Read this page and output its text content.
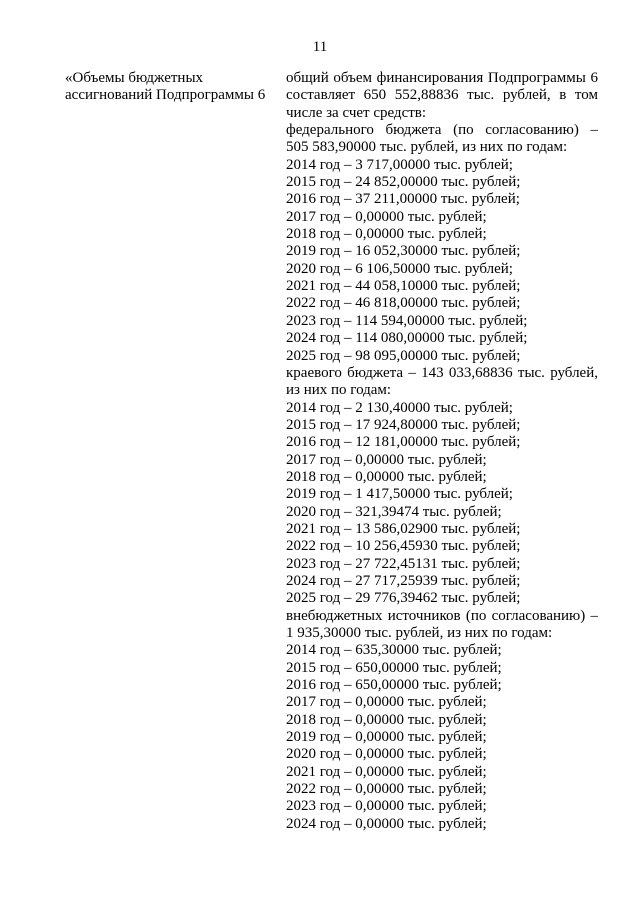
11
«Объемы бюджетных
ассигнований Подпрограммы 6
общий объем финансирования Подпрограммы 6
составляет 650 552,88836 тыс. рублей, в том
числе за счет средств:
федерального бюджета (по согласованию) –
505 583,90000 тыс. рублей, из них по годам:
2014 год – 3 717,00000 тыс. рублей;
2015 год – 24 852,00000 тыс. рублей;
2016 год – 37 211,00000 тыс. рублей;
2017 год – 0,00000 тыс. рублей;
2018 год – 0,00000 тыс. рублей;
2019 год – 16 052,30000 тыс. рублей;
2020 год – 6 106,50000 тыс. рублей;
2021 год – 44 058,10000 тыс. рублей;
2022 год – 46 818,00000 тыс. рублей;
2023 год – 114 594,00000 тыс. рублей;
2024 год – 114 080,00000 тыс. рублей;
2025 год – 98 095,00000 тыс. рублей;
краевого бюджета – 143 033,68836 тыс. рублей,
из них по годам:
2014 год – 2 130,40000 тыс. рублей;
2015 год – 17 924,80000 тыс. рублей;
2016 год – 12 181,00000 тыс. рублей;
2017 год – 0,00000 тыс. рублей;
2018 год – 0,00000 тыс. рублей;
2019 год – 1 417,50000 тыс. рублей;
2020 год – 321,39474 тыс. рублей;
2021 год – 13 586,02900 тыс. рублей;
2022 год – 10 256,45930 тыс. рублей;
2023 год – 27 722,45131 тыс. рублей;
2024 год – 27 717,25939 тыс. рублей;
2025 год – 29 776,39462 тыс. рублей;
внебюджетных источников (по согласованию) –
1 935,30000 тыс. рублей, из них по годам:
2014 год – 635,30000 тыс. рублей;
2015 год – 650,00000 тыс. рублей;
2016 год – 650,00000 тыс. рублей;
2017 год – 0,00000 тыс. рублей;
2018 год – 0,00000 тыс. рублей;
2019 год – 0,00000 тыс. рублей;
2020 год – 0,00000 тыс. рублей;
2021 год – 0,00000 тыс. рублей;
2022 год – 0,00000 тыс. рублей;
2023 год – 0,00000 тыс. рублей;
2024 год – 0,00000 тыс. рублей;
